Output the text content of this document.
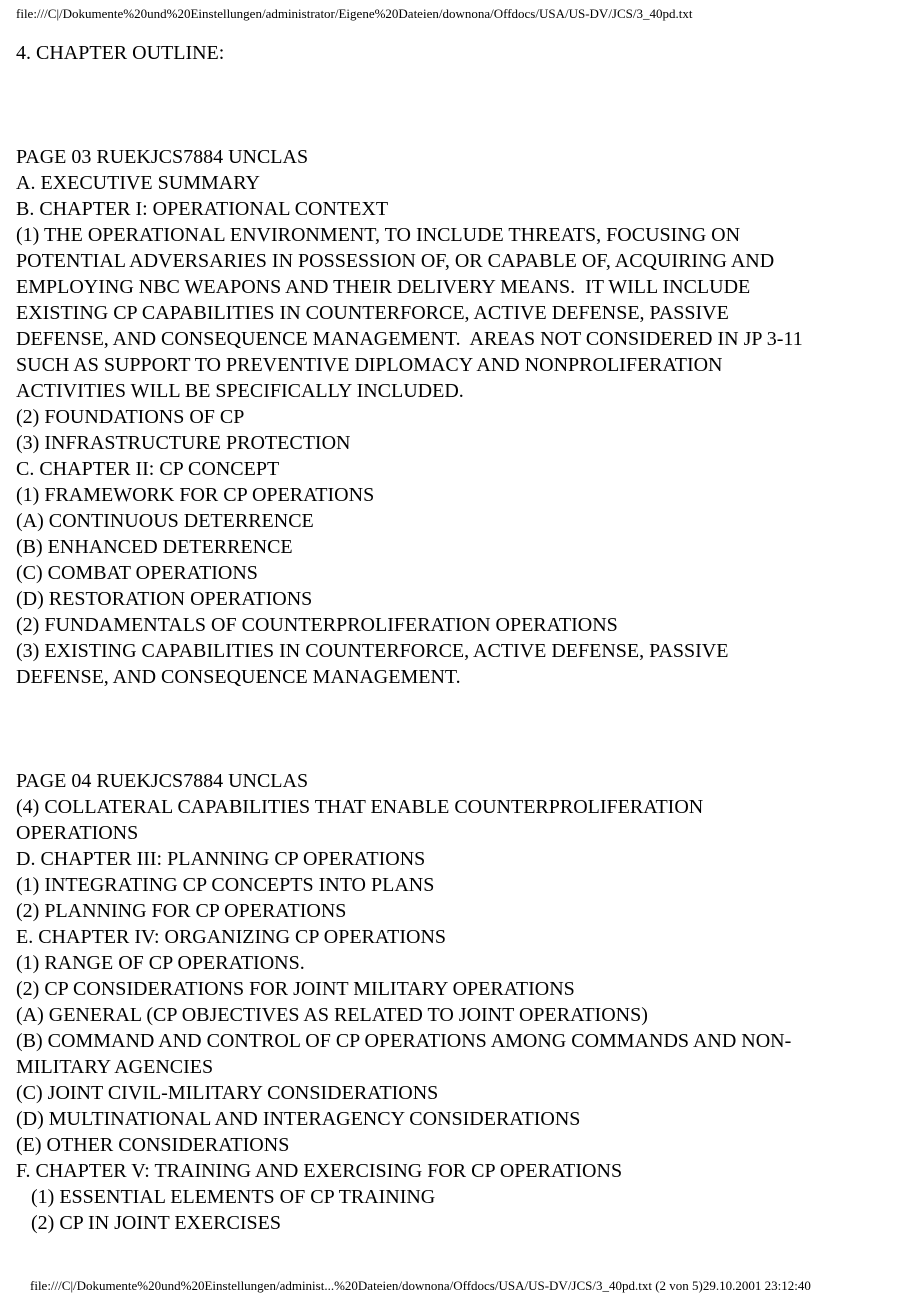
file:///C|/Dokumente%20und%20Einstellungen/administrator/Eigene%20Dateien/downona/Offdocs/USA/US-DV/JCS/3_40pd.txt
4. CHAPTER OUTLINE:
PAGE 03 RUEKJCS7884 UNCLAS
A. EXECUTIVE SUMMARY
B. CHAPTER I: OPERATIONAL CONTEXT
(1) THE OPERATIONAL ENVIRONMENT, TO INCLUDE THREATS, FOCUSING ON
POTENTIAL ADVERSARIES IN POSSESSION OF, OR CAPABLE OF, ACQUIRING AND
EMPLOYING NBC WEAPONS AND THEIR DELIVERY MEANS.  IT WILL INCLUDE
EXISTING CP CAPABILITIES IN COUNTERFORCE, ACTIVE DEFENSE, PASSIVE
DEFENSE, AND CONSEQUENCE MANAGEMENT.  AREAS NOT CONSIDERED IN JP 3-11
SUCH AS SUPPORT TO PREVENTIVE DIPLOMACY AND NONPROLIFERATION
ACTIVITIES WILL BE SPECIFICALLY INCLUDED.
(2) FOUNDATIONS OF CP
(3) INFRASTRUCTURE PROTECTION
C. CHAPTER II: CP CONCEPT
(1) FRAMEWORK FOR CP OPERATIONS
(A) CONTINUOUS DETERRENCE
(B) ENHANCED DETERRENCE
(C) COMBAT OPERATIONS
(D) RESTORATION OPERATIONS
(2) FUNDAMENTALS OF COUNTERPROLIFERATION OPERATIONS
(3) EXISTING CAPABILITIES IN COUNTERFORCE, ACTIVE DEFENSE, PASSIVE
DEFENSE, AND CONSEQUENCE MANAGEMENT.
PAGE 04 RUEKJCS7884 UNCLAS
(4) COLLATERAL CAPABILITIES THAT ENABLE COUNTERPROLIFERATION
OPERATIONS
D. CHAPTER III: PLANNING CP OPERATIONS
(1) INTEGRATING CP CONCEPTS INTO PLANS
(2) PLANNING FOR CP OPERATIONS
E. CHAPTER IV: ORGANIZING CP OPERATIONS
(1) RANGE OF CP OPERATIONS.
(2) CP CONSIDERATIONS FOR JOINT MILITARY OPERATIONS
(A) GENERAL (CP OBJECTIVES AS RELATED TO JOINT OPERATIONS)
(B) COMMAND AND CONTROL OF CP OPERATIONS AMONG COMMANDS AND NON-
MILITARY AGENCIES
(C) JOINT CIVIL-MILITARY CONSIDERATIONS
(D) MULTINATIONAL AND INTERAGENCY CONSIDERATIONS
(E) OTHER CONSIDERATIONS
F. CHAPTER V: TRAINING AND EXERCISING FOR CP OPERATIONS
(1) ESSENTIAL ELEMENTS OF CP TRAINING
(2) CP IN JOINT EXERCISES
file:///C|/Dokumente%20und%20Einstellungen/administ...%20Dateien/downona/Offdocs/USA/US-DV/JCS/3_40pd.txt (2 von 5)29.10.2001 23:12:40
